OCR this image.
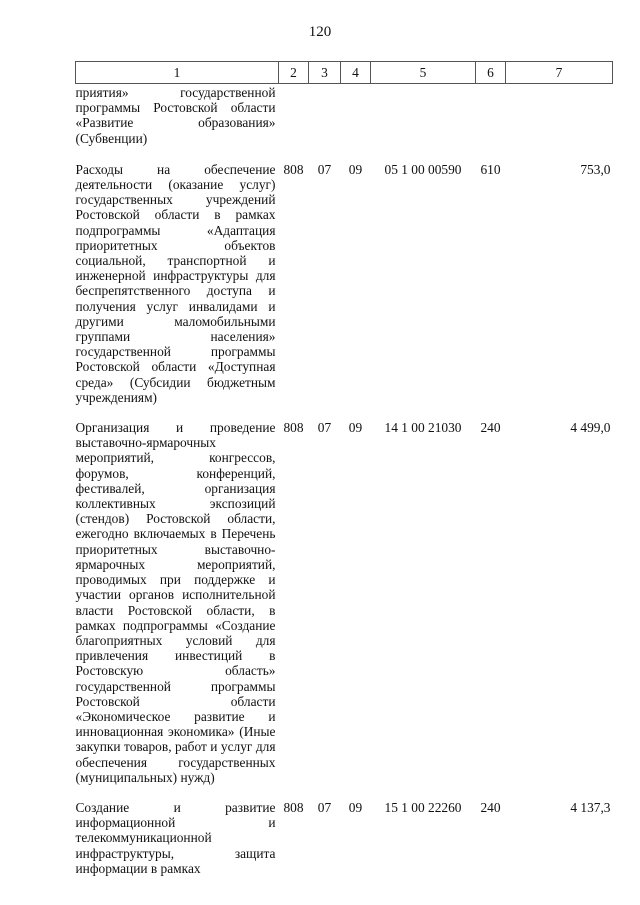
120
1	2	3	4	5	6	7
приятия» государственной программы Ростовской области «Развитие образования» (Субвенции)						
Расходы на обеспечение деятельности (оказание услуг) государственных учреждений Ростовской области в рамках подпрограммы «Адаптация приоритетных объектов социальной, транспортной и инженерной инфраструктуры для беспрепятственного доступа и получения услуг инвалидами и другими маломобильными группами населения» государственной программы Ростовской области «Доступная среда» (Субсидии бюджетным учреждениям)	808	07	09	05 1 00 00590	610	753,0
Организация и проведение выставочно-ярмарочных мероприятий, конгрессов, форумов, конференций, фестивалей, организация коллективных экспозиций (стендов) Ростовской области, ежегодно включаемых в Перечень приоритетных выставочно-ярмарочных мероприятий, проводимых при поддержке и участии органов исполнительной власти Ростовской области, в рамках подпрограммы «Создание благоприятных условий для привлечения инвестиций в Ростовскую область» государственной программы Ростовской области «Экономическое развитие и инновационная экономика» (Иные закупки товаров, работ и услуг для обеспечения государственных (муниципальных) нужд)	808	07	09	14 1 00 21030	240	4 499,0
Создание и развитие информационной и телекоммуникационной инфраструктуры, защита информации в рамках	808	07	09	15 1 00 22260	240	4 137,3
